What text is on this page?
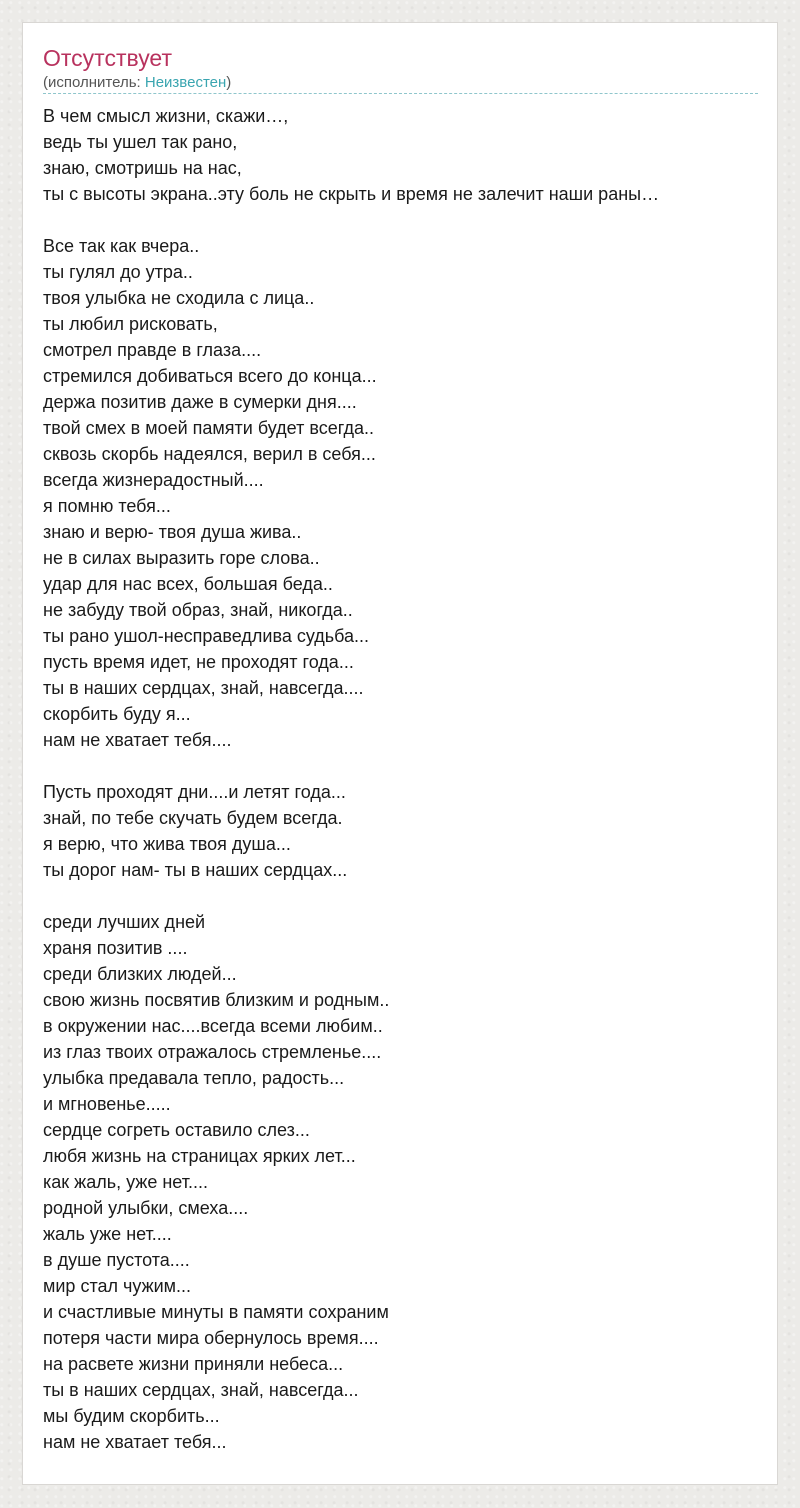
Отсутствует
(исполнитель: Неизвестен)
В чем смысл жизни, скажи…,
ведь ты ушел так рано,
знаю, смотришь на нас,
ты с высоты экрана..эту боль не скрыть и время не залечит наши раны…
Все так как вчера..
ты гулял до утра..
твоя улыбка не сходила с лица..
ты любил рисковать,
смотрел правде в глаза....
стремился добиваться всего до конца...
держа позитив даже в сумерки дня....
твой смех в моей памяти будет всегда..
сквозь скорбь надеялся, верил в себя...
всегда жизнерадостный....
я помню тебя...
знаю и верю- твоя душа жива..
не в силах выразить горе слова..
удар для нас всех, большая беда..
не забуду твой образ, знай, никогда..
ты рано ушол-несправедлива судьба...
пусть время идет, не проходят года...
ты в наших сердцах, знай, навсегда....
скорбить буду я...
нам не хватает тебя....
Пусть проходят дни....и летят года...
знай, по тебе скучать будем всегда.
я верю, что жива твоя душа...
ты дорог нам- ты в наших сердцах...
среди лучших дней
храня позитив ....
среди близких людей...
свою жизнь посвятив близким и родным..
в окружении нас....всегда всеми любим..
из глаз твоих отражалось стремленье....
улыбка предавала тепло, радость...
и мгновенье.....
сердце согреть оставило слез...
любя жизнь на страницах ярких лет...
как жаль, уже нет....
родной улыбки, смеха....
жаль уже нет....
в душе пустота....
мир стал чужим...
и счастливые минуты в памяти сохраним
потеря части мира обернулось время....
на расвете жизни приняли небеса...
ты в наших сердцах, знай, навсегда...
мы будим скорбить...
нам не хватает тебя...
